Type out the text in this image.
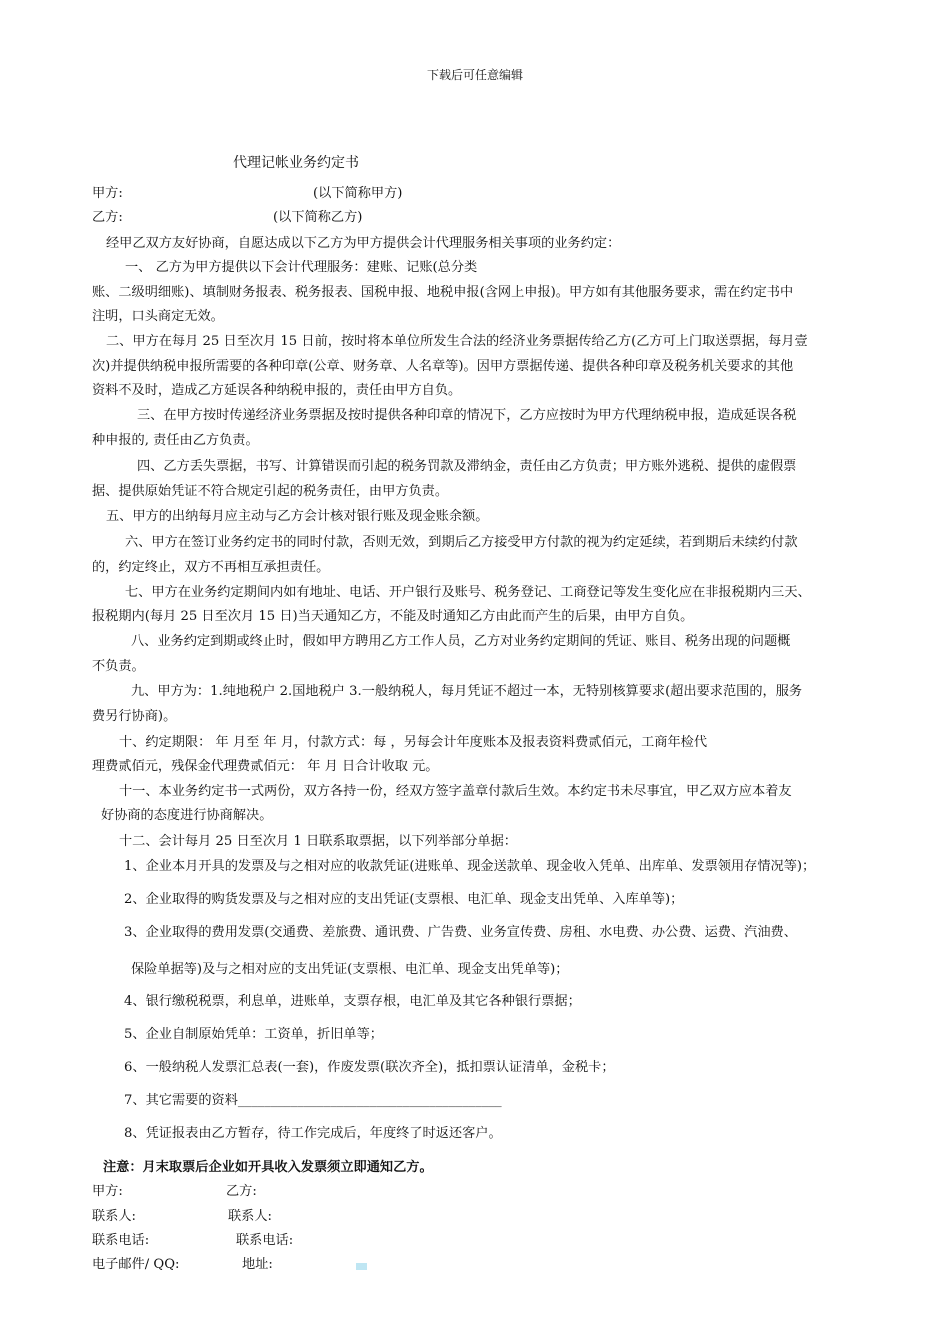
下载后可任意编辑
代理记帐业务约定书
甲方:	(以下简称甲方)
乙方:	(以下简称乙方)
经甲乙双方友好协商，自愿达成以下乙方为甲方提供会计代理服务相关事项的业务约定：
一、 乙方为甲方提供以下会计代理服务：建账、记账(总分类
账、二级明细账)、填制财务报表、税务报表、国税申报、地税申报(含网上申报)。甲方如有其他服务要求，需在约定书中
注明，口头商定无效。
二、甲方在每月 25 日至次月 15 日前，按时将本单位所发生合法的经济业务票据传给乙方(乙方可上门取送票据，每月壹
次)并提供纳税申报所需要的各种印章(公章、财务章、人名章等)。因甲方票据传递、提供各种印章及税务机关要求的其他
资料不及时，造成乙方延误各种纳税申报的，责任由甲方自负。
三、在甲方按时传递经济业务票据及按时提供各种印章的情况下，乙方应按时为甲方代理纳税申报，造成延误各税
种申报的, 责任由乙方负责。
四、乙方丢失票据，书写、计算错误而引起的税务罚款及滞纳金，责任由乙方负责；甲方账外逃税、提供的虚假票
据、提供原始凭证不符合规定引起的税务责任，由甲方负责。
五、甲方的出纳每月应主动与乙方会计核对银行账及现金账余额。
六、甲方在签订业务约定书的同时付款，否则无效，到期后乙方接受甲方付款的视为约定延续，若到期后未续约付款
的，约定终止，双方不再相互承担责任。
七、甲方在业务约定期间内如有地址、电话、开户银行及账号、税务登记、工商登记等发生变化应在非报税期内三天、
报税期内(每月 25 日至次月 15 日)当天通知乙方，不能及时通知乙方由此而产生的后果，由甲方自负。
八、业务约定到期或终止时，假如甲方聘用乙方工作人员，乙方对业务约定期间的凭证、账目、税务出现的问题概
不负责。
九、甲方为：1.纯地税户 2.国地税户 3.一般纳税人，每月凭证不超过一本，无特别核算要求(超出要求范围的，服务
费另行协商)。
十、约定期限： 年 月至 年 月，付款方式：每 ，另每会计年度账本及报表资料费贰佰元，工商年检代
理费贰佰元，残保金代理费贰佰元： 年 月 日合计收取 元。
十一、本业务约定书一式两份，双方各持一份，经双方签字盖章付款后生效。本约定书未尽事宜，甲乙双方应本着友
好协商的态度进行协商解决。
十二、会计每月 25 日至次月 1 日联系取票据，以下列举部分单据：
1、企业本月开具的发票及与之相对应的收款凭证(进账单、现金送款单、现金收入凭单、出库单、发票领用存情况等)；
2、企业取得的购货发票及与之相对应的支出凭证(支票根、电汇单、现金支出凭单、入库单等)；
3、企业取得的费用发票(交通费、差旅费、通讯费、广告费、业务宣传费、房租、水电费、办公费、运费、汽油费、
保险单据等)及与之相对应的支出凭证(支票根、电汇单、现金支出凭单等)；
4、银行缴税税票，利息单，进账单，支票存根，电汇单及其它各种银行票据；
5、企业自制原始凭单：工资单，折旧单等；
6、一般纳税人发票汇总表(一套)，作废发票(联次齐全)，抵扣票认证清单，金税卡；
7、其它需要的资料________________________________________
8、凭证报表由乙方暂存，待工作完成后，年度终了时返还客户。
注意：月末取票后企业如开具收入发票须立即通知乙方。
甲方:	乙方:
联系人:	联系人:
联系电话:	联系电话:
电子邮件/ QQ:	地址:
